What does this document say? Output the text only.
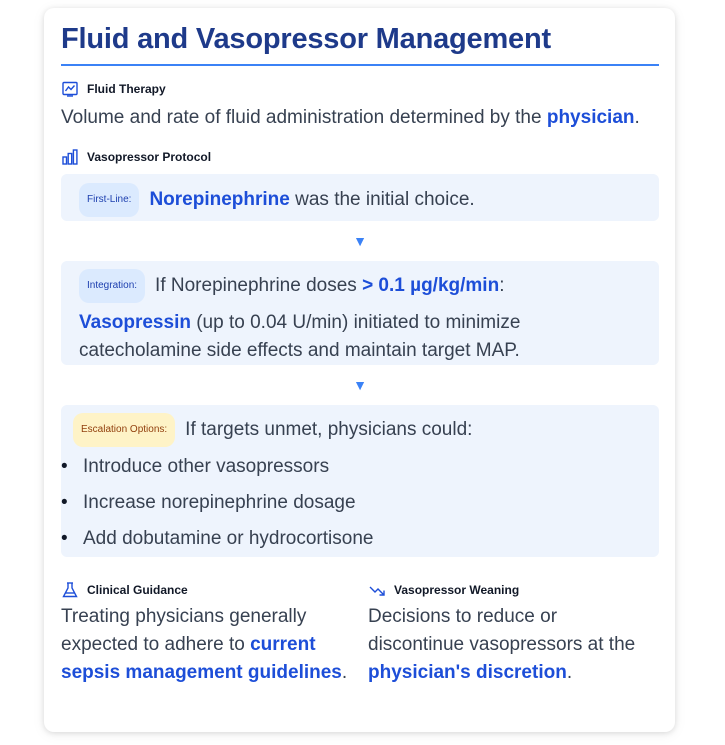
Fluid and Vasopressor Management
Fluid Therapy
Volume and rate of fluid administration determined by the physician.
Vasopressor Protocol
First-Line: Norepinephrine was the initial choice.
▼
Integration: If Norepinephrine doses > 0.1 µg/kg/min:
Vasopressin (up to 0.04 U/min) initiated to minimize catecholamine side effects and maintain target MAP.
▼
Escalation Options: If targets unmet, physicians could:
• Introduce other vasopressors
• Increase norepinephrine dosage
• Add dobutamine or hydrocortisone
Clinical Guidance
Treating physicians generally expected to adhere to current sepsis management guidelines.
Vasopressor Weaning
Decisions to reduce or discontinue vasopressors at the physician's discretion.
